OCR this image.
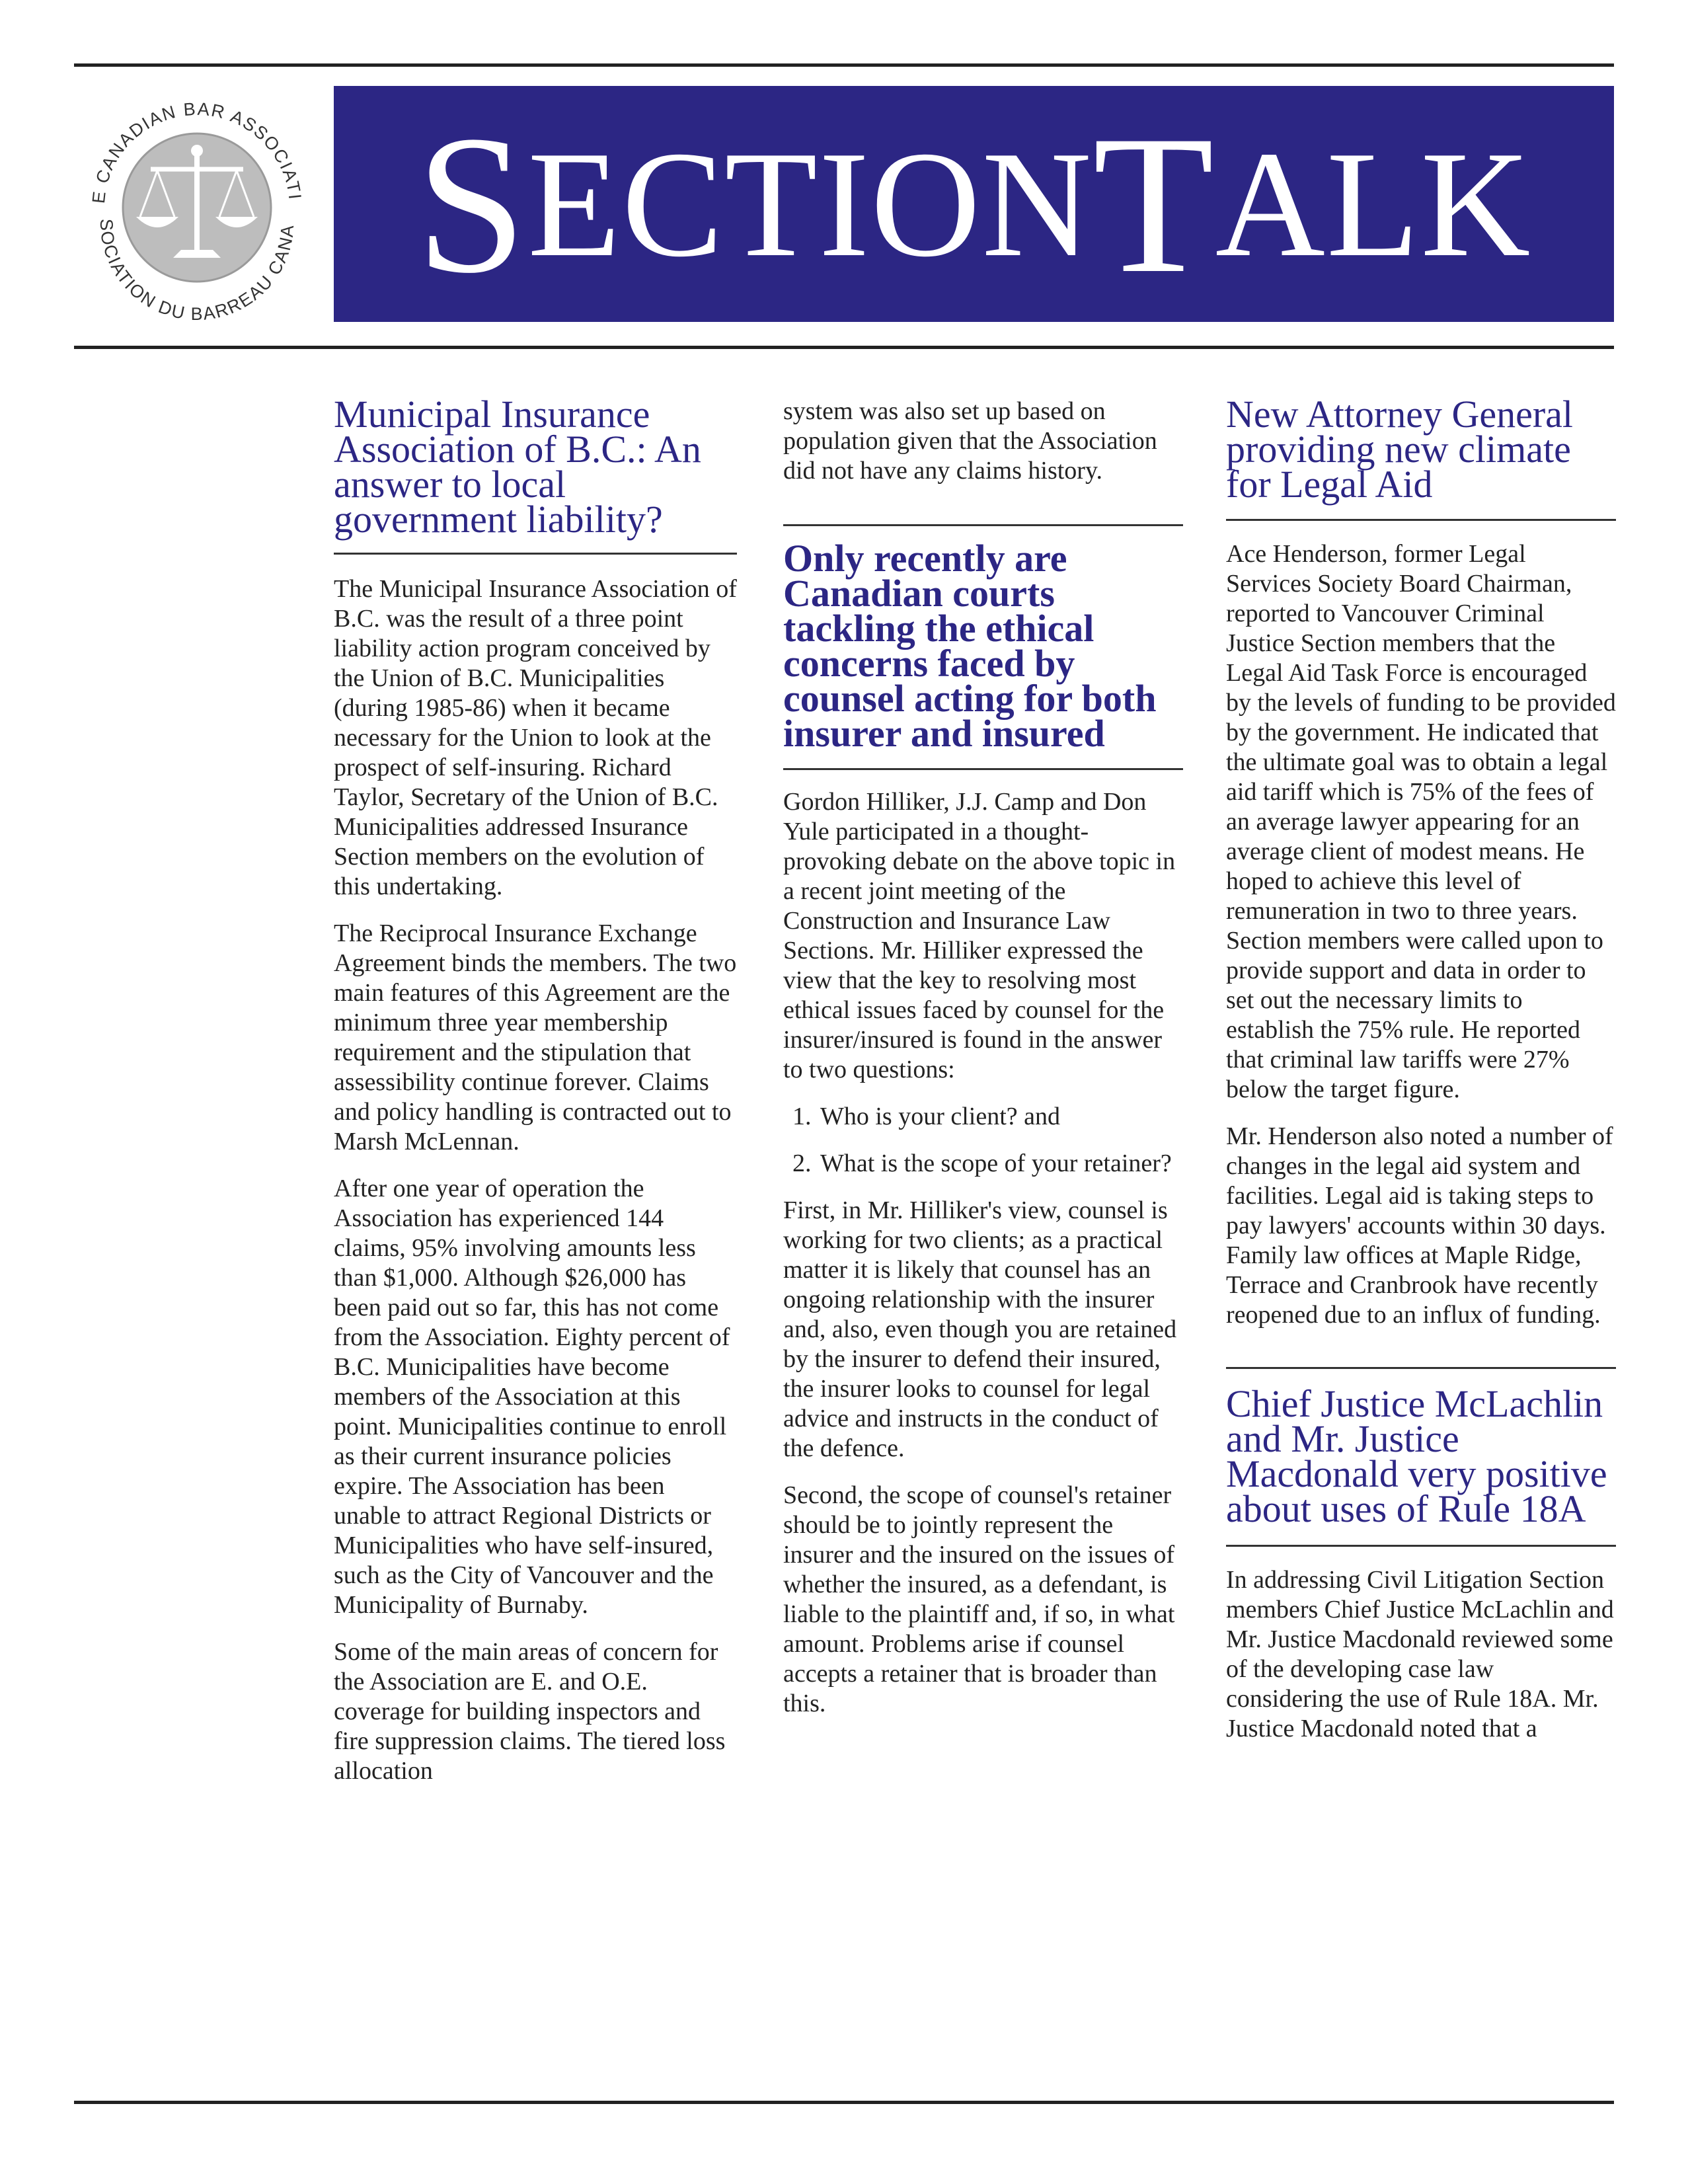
E CANADIAN BAR ASSOCIATI
SOCIATION DU BARREAU CANA S ECTION T ALK
Municipal Insurance Association of B.C.: An answer to local government liability?

The Municipal Insurance Association of B.C. was the result of a three point liability action program conceived by the Union of B.C. Municipalities (during 1985-86) when it became necessary for the Union to look at the prospect of self-insuring. Richard Taylor, Secretary of the Union of B.C. Municipalities addressed Insurance Section members on the evolution of this undertaking.

The Reciprocal Insurance Exchange Agreement binds the members. The two main features of this Agreement are the minimum three year membership requirement and the stipulation that assessibility continue forever. Claims and policy handling is contracted out to Marsh McLennan.

After one year of operation the Association has experienced 144 claims, 95% involving amounts less than $1,000. Although $26,000 has been paid out so far, this has not come from the Association. Eighty percent of B.C. Municipalities have become members of the Association at this point. Municipalities continue to enroll as their current insurance policies expire. The Association has been unable to attract Regional Districts or Municipalities who have self-insured, such as the City of Vancouver and the Municipality of Burnaby.

Some of the main areas of concern for the Association are E. and O.E. coverage for building inspectors and fire suppression claims. The tiered loss allocation

system was also set up based on population given that the Association did not have any claims history.

Only recently are Canadian courts tackling the ethical concerns faced by counsel acting for both insurer and insured

Gordon Hilliker, J.J. Camp and Don Yule participated in a thought-provoking debate on the above topic in a recent joint meeting of the Construction and Insurance Law Sections. Mr. Hilliker expressed the view that the key to resolving most ethical issues faced by counsel for the insurer/insured is found in the answer to two questions:

1. Who is your client? and
2. What is the scope of your retainer?

First, in Mr. Hilliker's view, counsel is working for two clients; as a practical matter it is likely that counsel has an ongoing relationship with the insurer and, also, even though you are retained by the insurer to defend their insured, the insurer looks to counsel for legal advice and instructs in the conduct of the defence.

Second, the scope of counsel's retainer should be to jointly represent the insurer and the insured on the issues of whether the insured, as a defendant, is liable to the plaintiff and, if so, in what amount. Problems arise if counsel accepts a retainer that is broader than this.

New Attorney General providing new climate for Legal Aid

Ace Henderson, former Legal Services Society Board Chairman, reported to Vancouver Criminal Justice Section members that the Legal Aid Task Force is encouraged by the levels of funding to be provided by the government. He indicated that the ultimate goal was to obtain a legal aid tariff which is 75% of the fees of an average lawyer appearing for an average client of modest means. He hoped to achieve this level of remuneration in two to three years. Section members were called upon to provide support and data in order to set out the necessary limits to establish the 75% rule. He reported that criminal law tariffs were 27% below the target figure.

Mr. Henderson also noted a number of changes in the legal aid system and facilities. Legal aid is taking steps to pay lawyers' accounts within 30 days. Family law offices at Maple Ridge, Terrace and Cranbrook have recently reopened due to an influx of funding.

Chief Justice McLachlin and Mr. Justice Macdonald very positive about uses of Rule 18A

In addressing Civil Litigation Section members Chief Justice McLachlin and Mr. Justice Macdonald reviewed some of the developing case law considering the use of Rule 18A. Mr. Justice Macdonald noted that a
